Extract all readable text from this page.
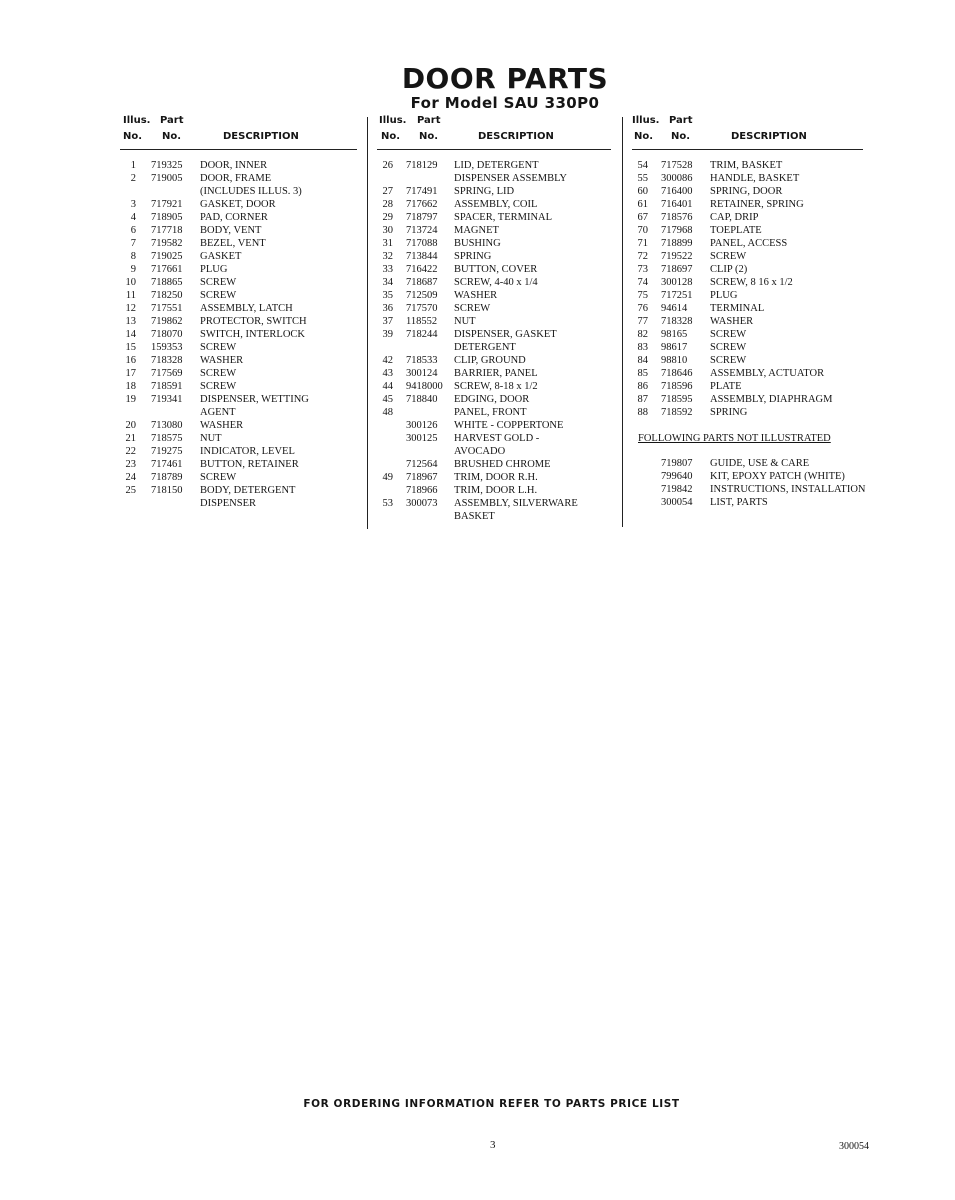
DOOR PARTS
For Model SAU 330P0
Illus. Part
No. No.	DESCRIPTION
1 719325 DOOR, INNER
2 719005 DOOR, FRAME
(INCLUDES ILLUS. 3)
3 717921 GASKET, DOOR
4 718905 PAD, CORNER
6 717718 BODY, VENT
7 719582 BEZEL, VENT
8 719025 GASKET
9 717661 PLUG
10 718865 SCREW
11 718250 SCREW
12 717551 ASSEMBLY, LATCH
13 719862 PROTECTOR, SWITCH
14 718070 SWITCH, INTERLOCK
15 159353 SCREW
16 718328 WASHER
17 717569 SCREW
18 718591 SCREW
19 719341 DISPENSER, WETTING
AGENT
20 713080 WASHER
21 718575 NUT
22 719275 INDICATOR, LEVEL
23 717461 BUTTON, RETAINER
24 718789 SCREW
25 718150 BODY, DETERGENT
DISPENSER
Illus. Part
No. No.	DESCRIPTION
26 718129 LID, DETERGENT
DISPENSER ASSEMBLY
27 717491 SPRING, LID
28 717662 ASSEMBLY, COIL
29 718797 SPACER, TERMINAL
30 713724 MAGNET
31 717088 BUSHING
32 713844 SPRING
33 716422 BUTTON, COVER
34 718687 SCREW, 4-40 x 1/4
35 712509 WASHER
36 717570 SCREW
37 118552 NUT
39 718244 DISPENSER, GASKET
DETERGENT
42 718533 CLIP, GROUND
43 300124 BARRIER, PANEL
44 9418000 SCREW, 8-18 x 1/2
45 718840 EDGING, DOOR
48	PANEL, FRONT
300126 WHITE - COPPERTONE
300125 HARVEST GOLD -
AVOCADO
712564 BRUSHED CHROME
49 718967 TRIM, DOOR R.H.
718966 TRIM, DOOR L.H.
53 300073 ASSEMBLY, SILVERWARE
BASKET
Illus. Part
No. No.	DESCRIPTION
54 717528 TRIM, BASKET
55 300086 HANDLE, BASKET
60 716400 SPRING, DOOR
61 716401 RETAINER, SPRING
67 718576 CAP, DRIP
70 717968 TOEPLATE
71 718899 PANEL, ACCESS
72 719522 SCREW
73 718697 CLIP (2)
74 300128 SCREW, 8 16 x 1/2
75 717251 PLUG
76 94614 TERMINAL
77 718328 WASHER
82 98165 SCREW
83 98617 SCREW
84 98810 SCREW
85 718646 ASSEMBLY, ACTUATOR
86 718596 PLATE
87 718595 ASSEMBLY, DIAPHRAGM
88 718592 SPRING
FOLLOWING PARTS NOT ILLUSTRATED
719807 GUIDE, USE & CARE
799640 KIT, EPOXY PATCH (WHITE)
719842 INSTRUCTIONS, INSTALLATION
300054 LIST, PARTS
FOR ORDERING INFORMATION REFER TO PARTS PRICE LIST
3	300054
